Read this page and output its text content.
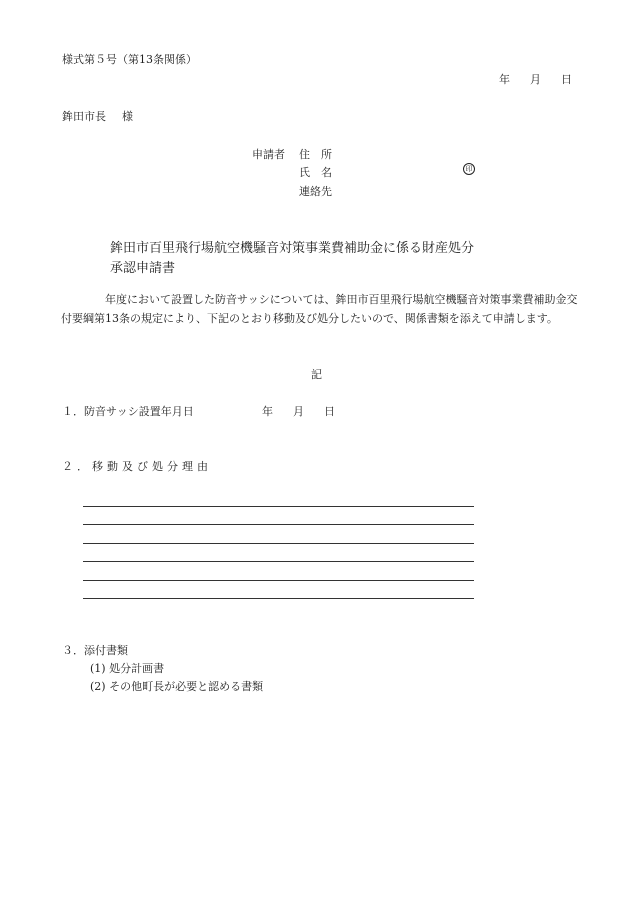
様式第５号（第13条関係）
年 月 日
鉾田市長 様
申請者 住　所
氏　名	印
連絡先
鉾田市百里飛行場航空機騒音対策事業費補助金に係る財産処分
承認申請書
年度において設置した防音サッシについては、鉾田市百里飛行場航空機騒音対策事業費補助金交付要綱第13条の規定により、下記のとおり移動及び処分したいので、関係書類を添えて申請します。
記
１．防音サッシ設置年月日	年 月 日
２．移動及び処分理由
３．添付書類
(1) 処分計画書
(2) その他町長が必要と認める書類
